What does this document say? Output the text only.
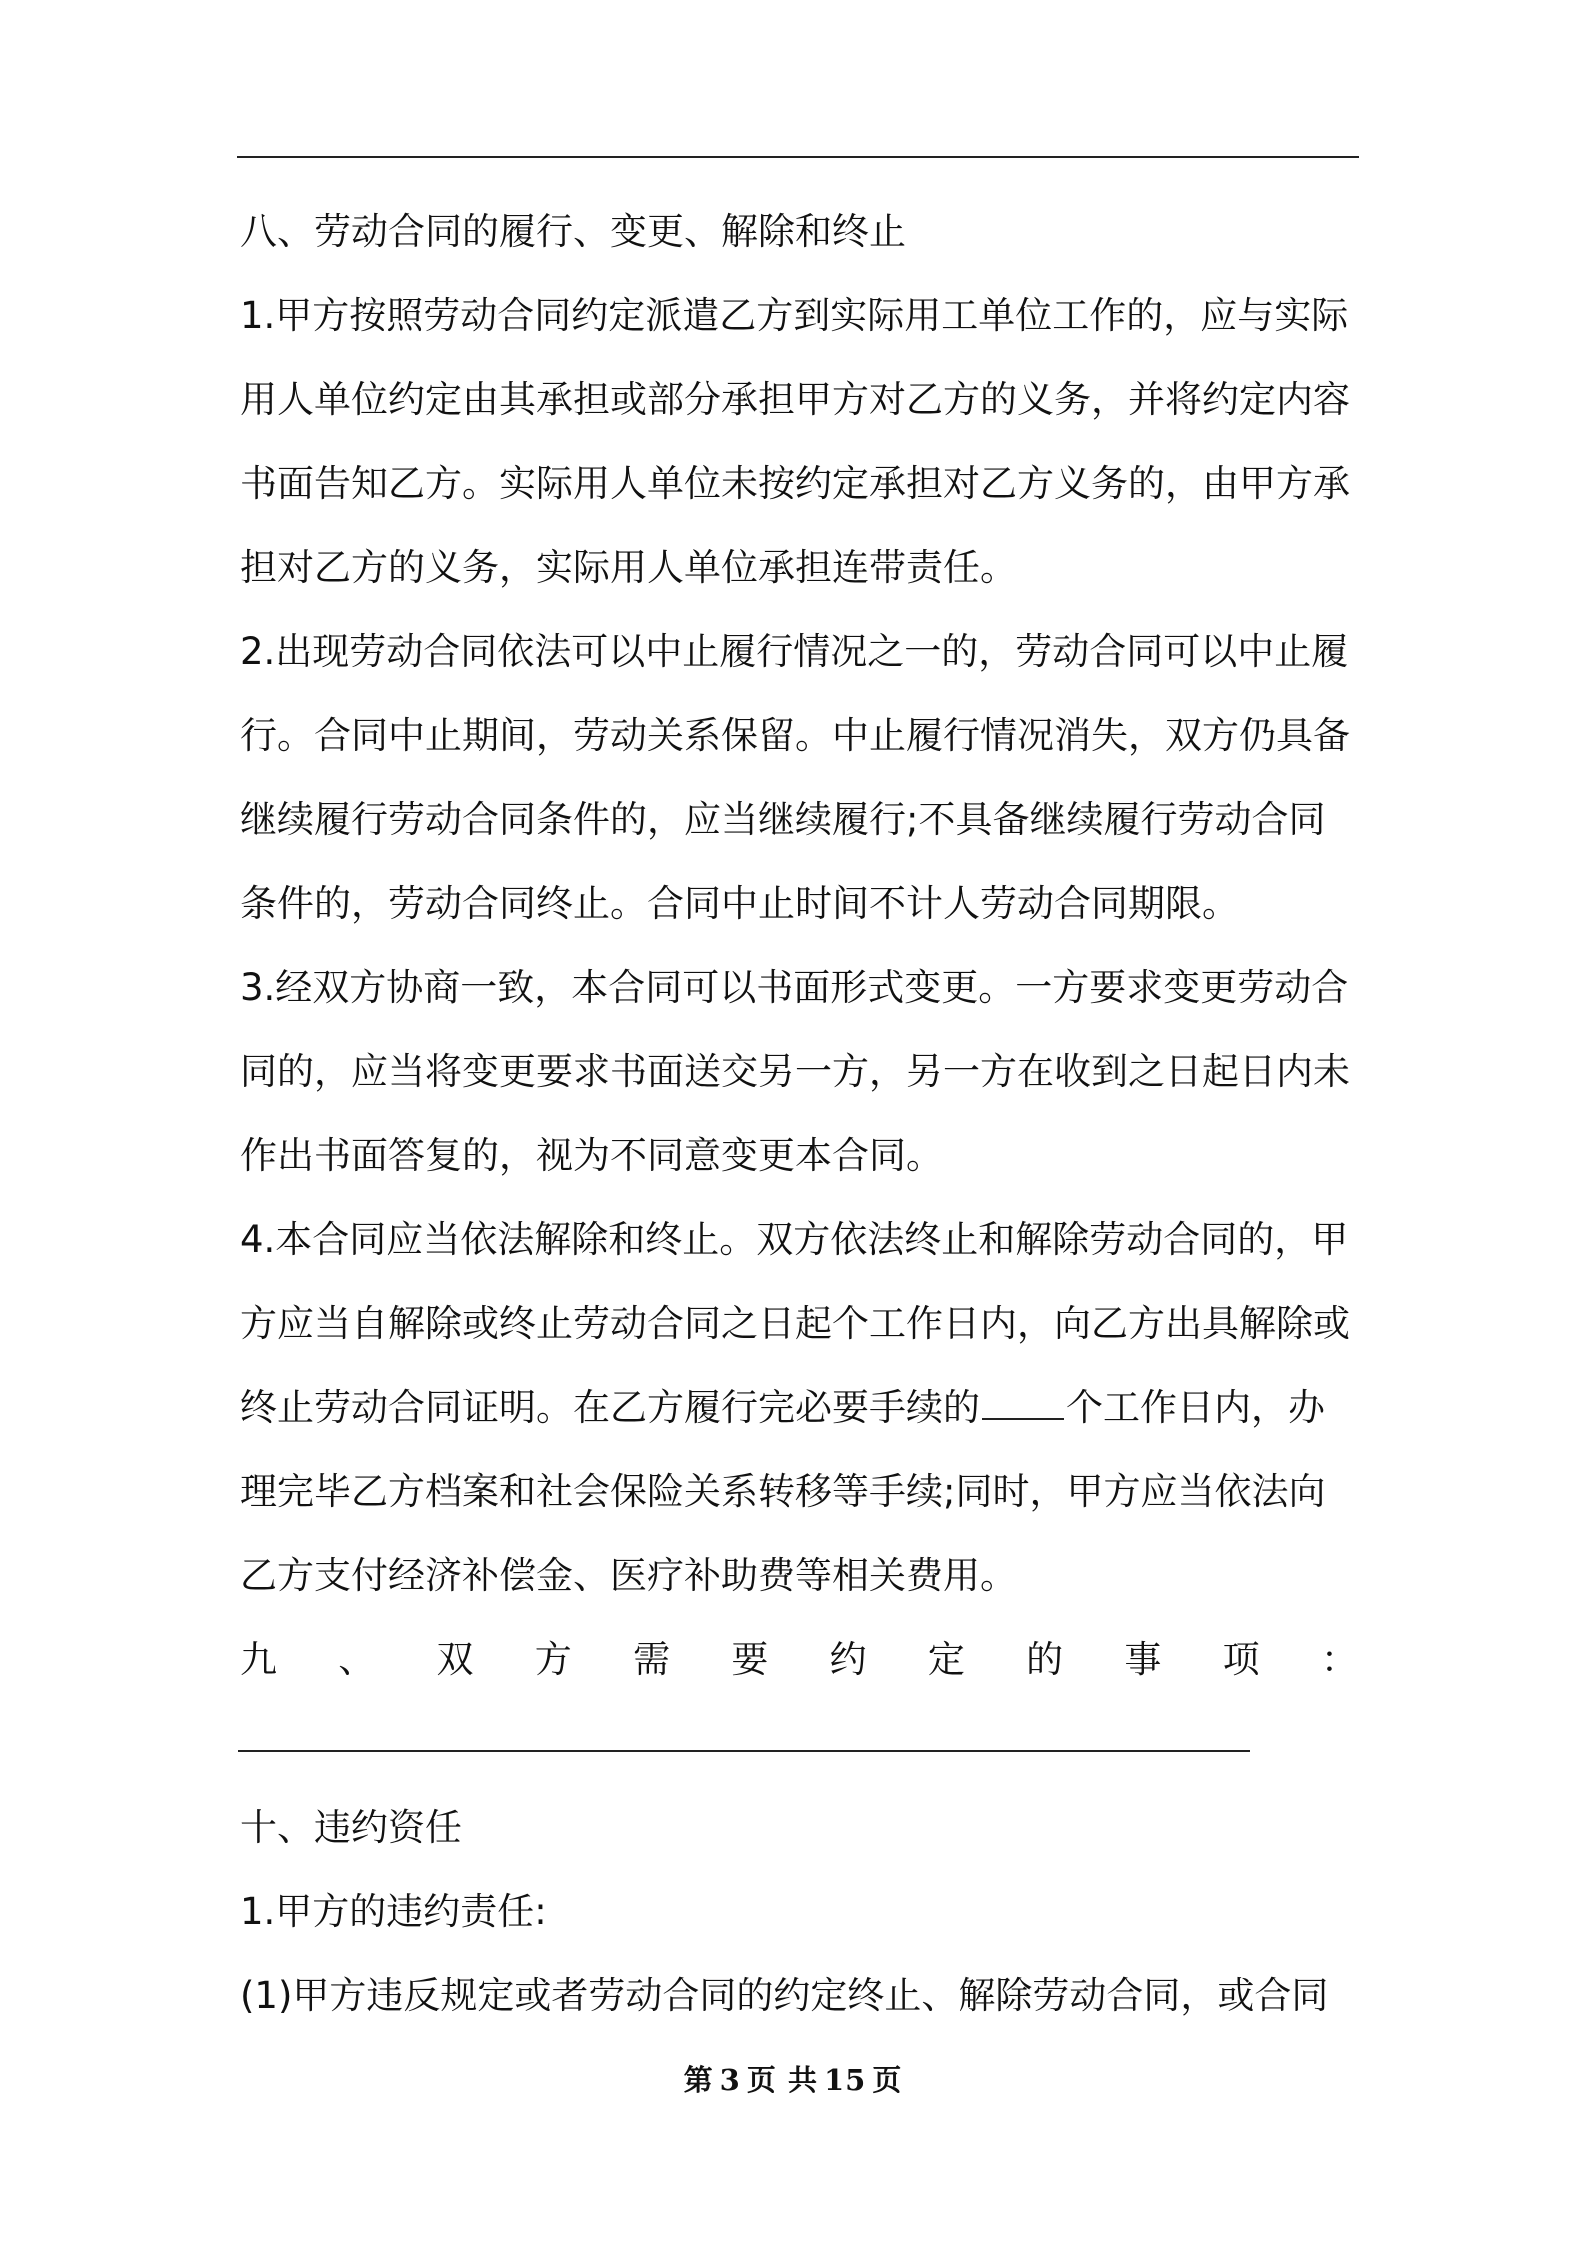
八、劳动合同的履行、变更、解除和终止
1.甲方按照劳动合同约定派遣乙方到实际用工单位工作的，应与实际
用人单位约定由其承担或部分承担甲方对乙方的义务，并将约定内容
书面告知乙方。实际用人单位未按约定承担对乙方义务的，由甲方承
担对乙方的义务，实际用人单位承担连带责任。
2.出现劳动合同依法可以中止履行情况之一的，劳动合同可以中止履
行。合同中止期间，劳动关系保留。中止履行情况消失，双方仍具备
继续履行劳动合同条件的，应当继续履行;不具备继续履行劳动合同
条件的，劳动合同终止。合同中止时间不计人劳动合同期限。
3.经双方协商一致，本合同可以书面形式变更。一方要求变更劳动合
同的，应当将变更要求书面送交另一方，另一方在收到之日起日内未
作出书面答复的，视为不同意变更本合同。
4.本合同应当依法解除和终止。双方依法终止和解除劳动合同的，甲
方应当自解除或终止劳动合同之日起个工作日内，向乙方出具解除或
终止劳动合同证明。在乙方履行完必要手续的 个工作日内，办
理完毕乙方档案和社会保险关系转移等手续;同时，甲方应当依法向
乙方支付经济补偿金、医疗补助费等相关费用。
九 、 双 方 需 要 约 定 的 事 项 ：
十、违约资任
1.甲方的违约责任:
(1)甲方违反规定或者劳动合同的约定终止、解除劳动合同，或合同
第 3 页 共 15 页
